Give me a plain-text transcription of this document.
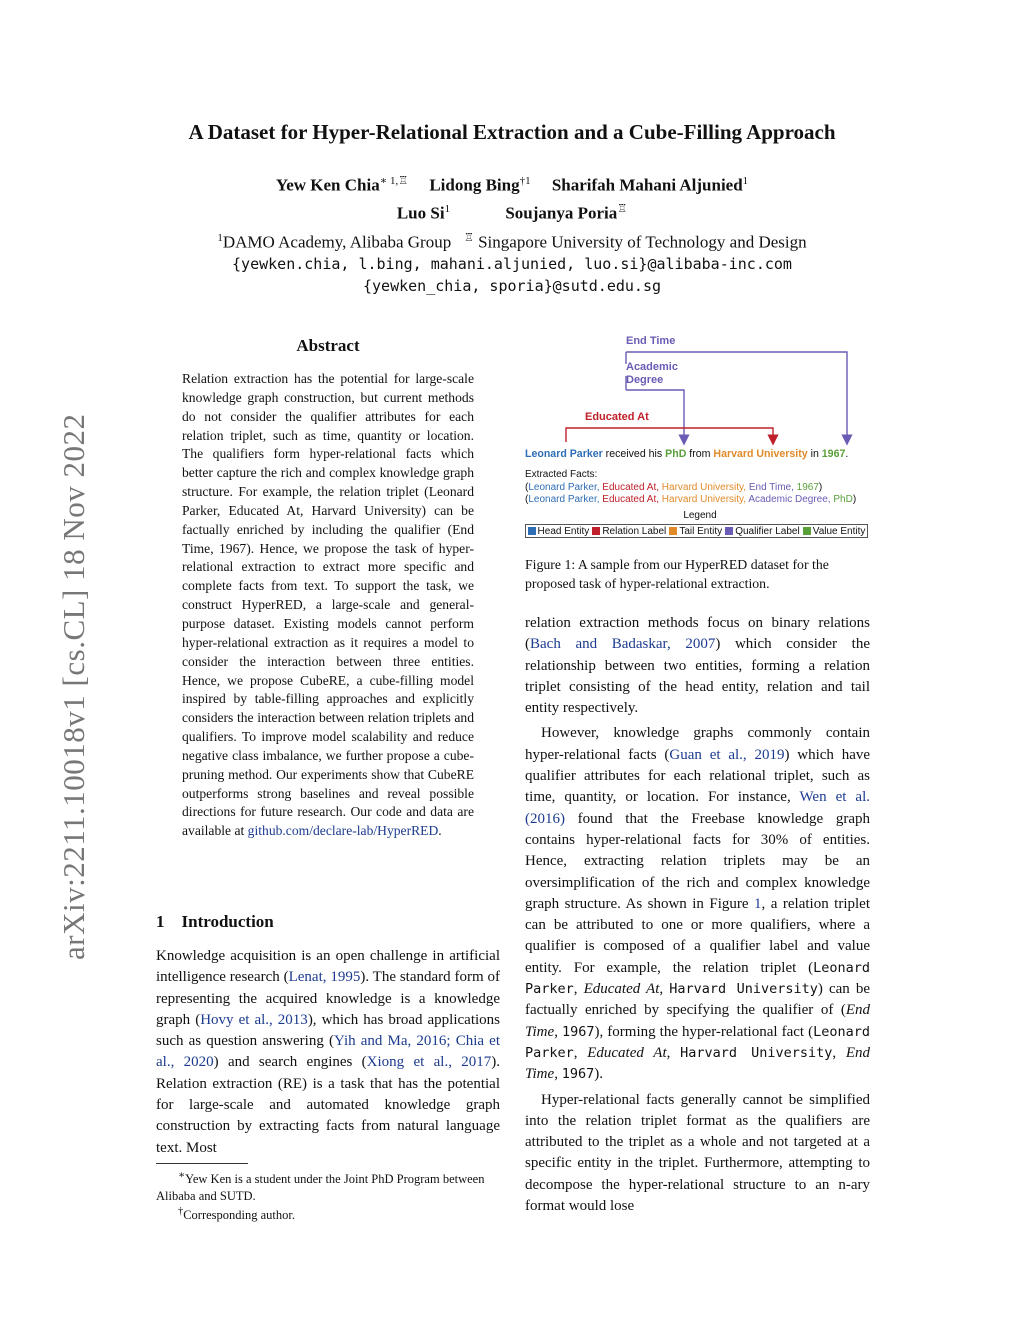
A Dataset for Hyper-Relational Extraction and a Cube-Filling Approach
Yew Ken Chia$^{∗ 1,♖}$ Lidong Bing$^{\dagger 1}$ Sharifah Mahani Aljunied$^1$
Luo Si$^1$	Soujanya Poria♖
$^1$DAMO Academy, Alibaba Group ♖ Singapore University of Technology and Design
{yewken.chia, l.bing, mahani.aljunied, luo.si}@alibaba-inc.com
{yewken_chia, sporia}@sutd.edu.sg
arXiv:2211.10018v1 [cs.CL] 18 Nov 2022
Abstract
Relation extraction has the potential for large-scale knowledge graph construction, but current methods do not consider the qualifier attributes for each relation triplet, such as time, quantity or location. The qualifiers form hyper-relational facts which better capture the rich and complex knowledge graph structure. For example, the relation triplet (Leonard Parker, Educated At, Harvard University) can be factually enriched by including the qualifier (End Time, 1967). Hence, we propose the task of hyper-relational extraction to extract more specific and complete facts from text. To support the task, we construct HyperRED, a large-scale and general-purpose dataset. Existing models cannot perform hyper-relational extraction as it requires a model to consider the interaction between three entities. Hence, we propose CubeRE, a cube-filling model inspired by table-filling approaches and explicitly considers the interaction between relation triplets and qualifiers. To improve model scalability and reduce negative class imbalance, we further propose a cube-pruning method. Our experiments show that CubeRE outperforms strong baselines and reveal possible directions for future research. Our code and data are available at github.com/declare-lab/HyperRED.
1 Introduction

Knowledge acquisition is an open challenge in artificial intelligence research (Lenat, 1995). The standard form of representing the acquired knowledge is a knowledge graph (Hovy et al., 2013), which has broad applications such as question answering (Yih and Ma, 2016; Chia et al., 2020) and search engines (Xiong et al., 2017). Relation extraction (RE) is a task that has the potential for large-scale and automated knowledge graph construction by extracting facts from natural language text. Most

∗Yew Ken is a student under the Joint PhD Program between Alibaba and SUTD.
†Corresponding author.
End Time
Academic
Degree
Educated At
Leonard Parker received his PhD from Harvard University in 1967.
Extracted Facts:
(Leonard Parker, Educated At, Harvard University, End Time, 1967)
(Leonard Parker, Educated At, Harvard University, Academic Degree, PhD)
Legend
Head Entity	Relation Label	Tail Entity	Qualifier Label	Value Entity
Figure 1: A sample from our HyperRED dataset for the proposed task of hyper-relational extraction.

relation extraction methods focus on binary relations (Bach and Badaskar, 2007) which consider the relationship between two entities, forming a relation triplet consisting of the head entity, relation and tail entity respectively.

However, knowledge graphs commonly contain hyper-relational facts (Guan et al., 2019) which have qualifier attributes for each relational triplet, such as time, quantity, or location. For instance, Wen et al. (2016) found that the Freebase knowledge graph contains hyper-relational facts for 30% of entities. Hence, extracting relation triplets may be an oversimplification of the rich and complex knowledge graph structure. As shown in Figure 1, a relation triplet can be attributed to one or more qualifiers, where a qualifier is composed of a qualifier label and value entity. For example, the relation triplet (Leonard Parker, Educated At, Harvard University) can be factually enriched by specifying the qualifier of (End Time, 1967), forming the hyper-relational fact (Leonard Parker, Educated At, Harvard University, End Time, 1967).

Hyper-relational facts generally cannot be simplified into the relation triplet format as the qualifiers are attributed to the triplet as a whole and not targeted at a specific entity in the triplet. Furthermore, attempting to decompose the hyper-relational structure to an n-ary format would lose
